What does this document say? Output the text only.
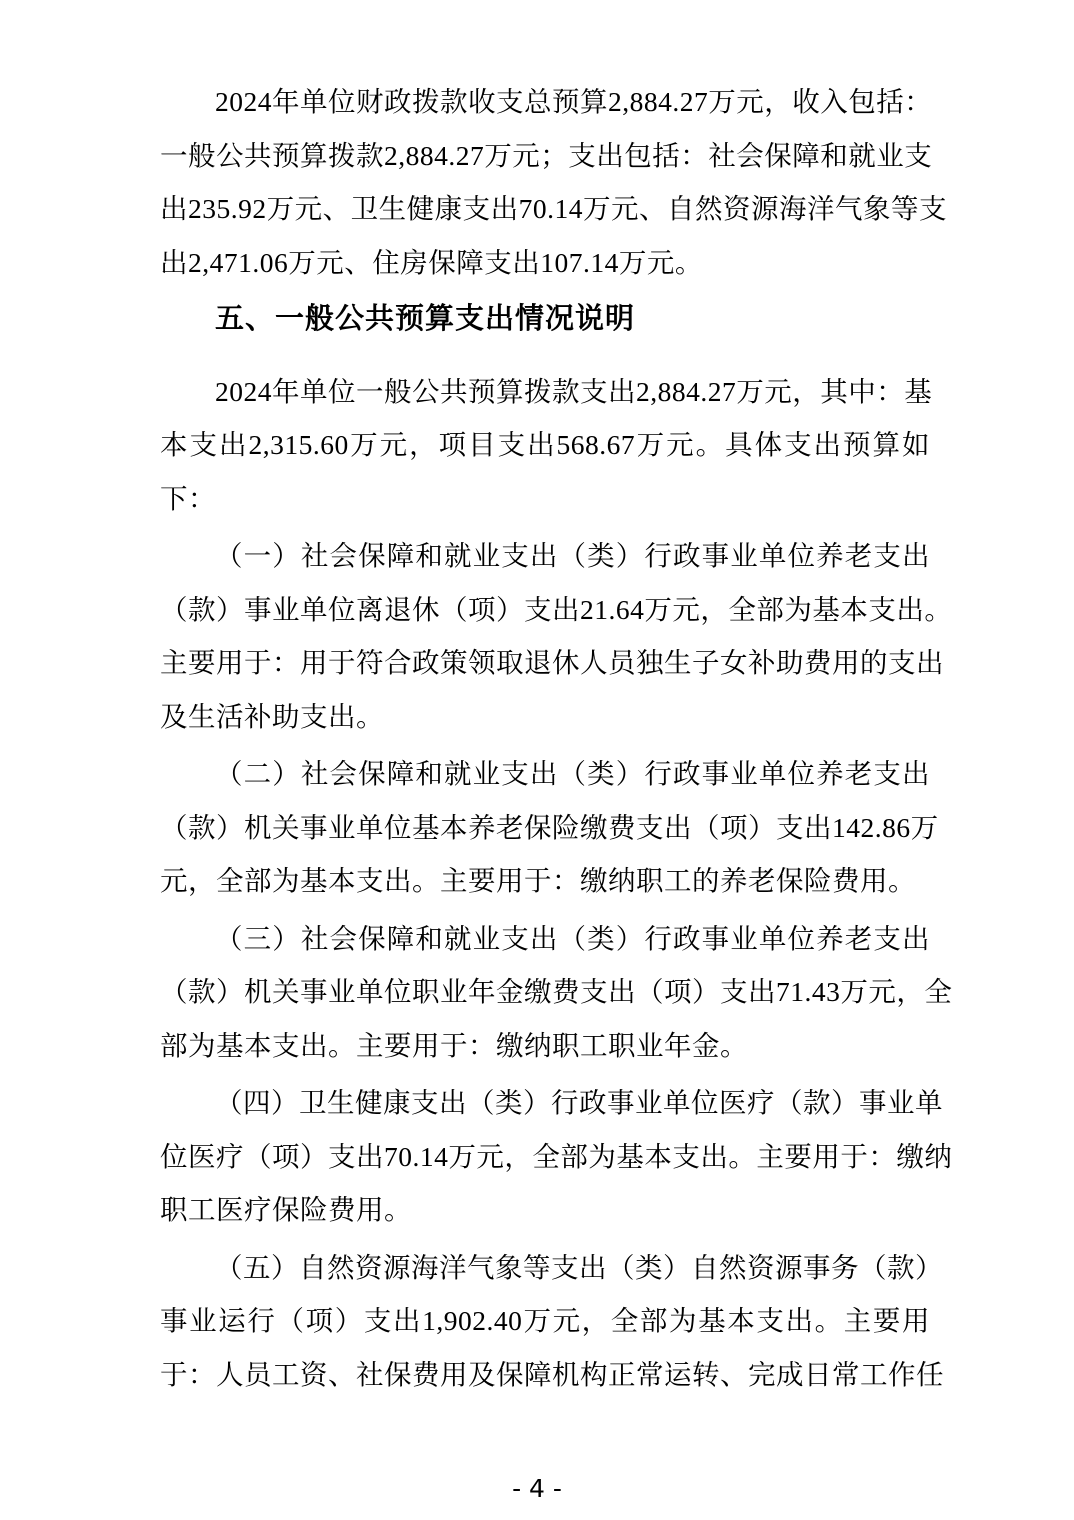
2024年单位财政拨款收支总预算2,884.27万元，收入包括：
一般公共预算拨款2,884.27万元；支出包括：社会保障和就业支
出235.92万元、卫生健康支出70.14万元、自然资源海洋气象等支
出2,471.06万元、住房保障支出107.14万元。
五、一般公共预算支出情况说明
2024年单位一般公共预算拨款支出2,884.27万元，其中：基
本支出2,315.60万元，项目支出568.67万元。具体支出预算如
下：
（一）社会保障和就业支出（类）行政事业单位养老支出
（款）事业单位离退休（项）支出21.64万元，全部为基本支出。
主要用于：用于符合政策领取退休人员独生子女补助费用的支出
及生活补助支出。
（二）社会保障和就业支出（类）行政事业单位养老支出
（款）机关事业单位基本养老保险缴费支出（项）支出142.86万
元，全部为基本支出。主要用于：缴纳职工的养老保险费用。
（三）社会保障和就业支出（类）行政事业单位养老支出
（款）机关事业单位职业年金缴费支出（项）支出71.43万元，全
部为基本支出。主要用于：缴纳职工职业年金。
（四）卫生健康支出（类）行政事业单位医疗（款）事业单
位医疗（项）支出70.14万元，全部为基本支出。主要用于：缴纳
职工医疗保险费用。
（五）自然资源海洋气象等支出（类）自然资源事务（款）
事业运行（项）支出1,902.40万元，全部为基本支出。主要用
于：人员工资、社保费用及保障机构正常运转、完成日常工作任
- 4 -
